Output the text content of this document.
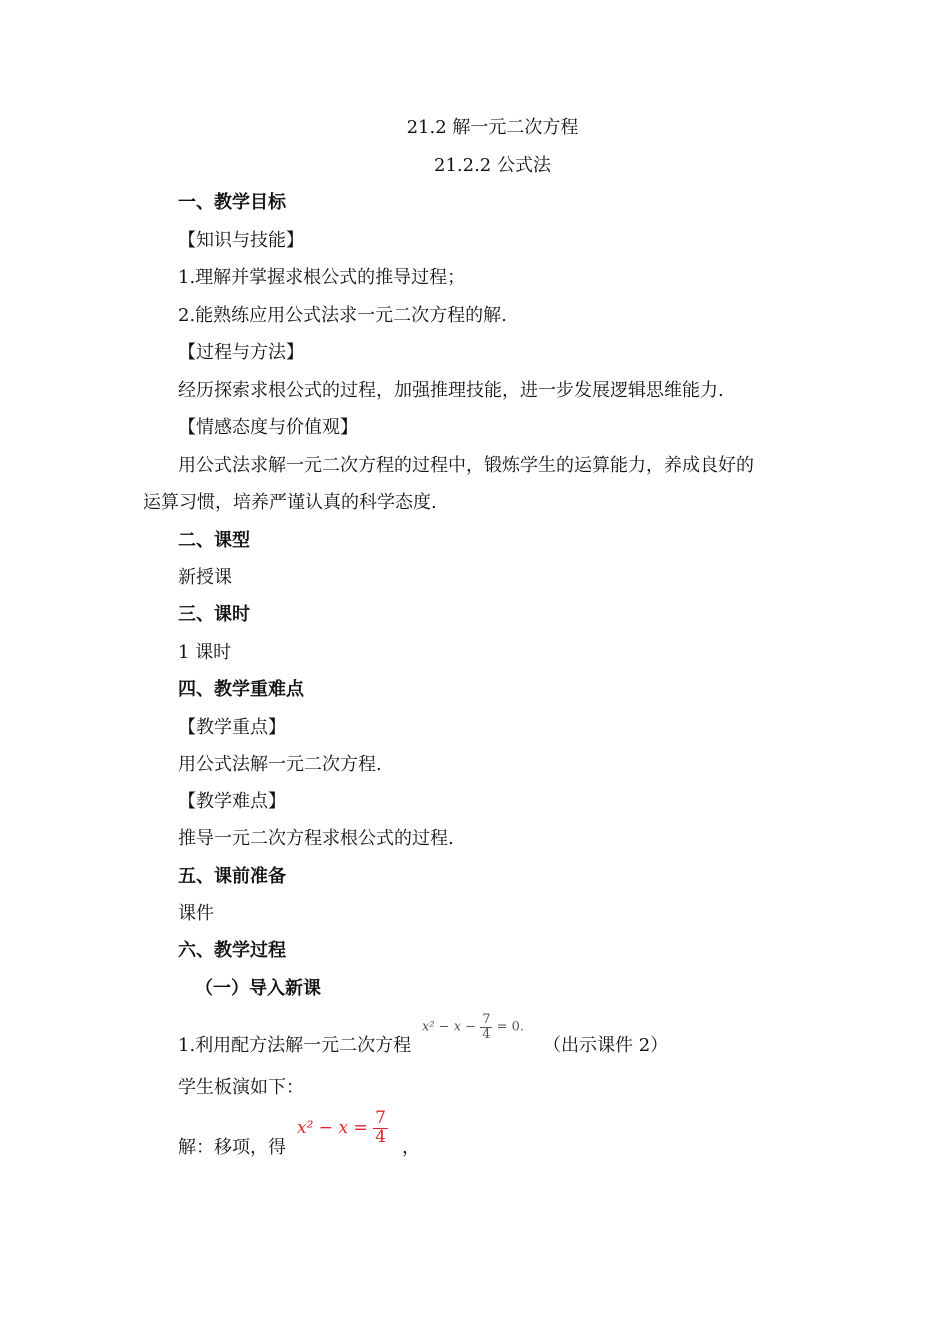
21.2 解一元二次方程
21.2.2 公式法
一、教学目标
【知识与技能】
1.理解并掌握求根公式的推导过程；
2.能熟练应用公式法求一元二次方程的解.
【过程与方法】
经历探索求根公式的过程，加强推理技能，进一步发展逻辑思维能力.
【情感态度与价值观】
用公式法求解一元二次方程的过程中，锻炼学生的运算能力，养成良好的
运算习惯，培养严谨认真的科学态度.
二、课型
新授课
三、课时
1 课时
四、教学重难点
【教学重点】
用公式法解一元二次方程.
【教学难点】
推导一元二次方程求根公式的过程.
五、课前准备
课件
六、教学过程
（一）导入新课
1.利用配方法解一元二次方程
$x^2 - x - \frac{7}{4} = 0$.
（出示课件 2）
学生板演如下：
解：移项，得
$x^2 - x = \frac{7}{4}$
，
